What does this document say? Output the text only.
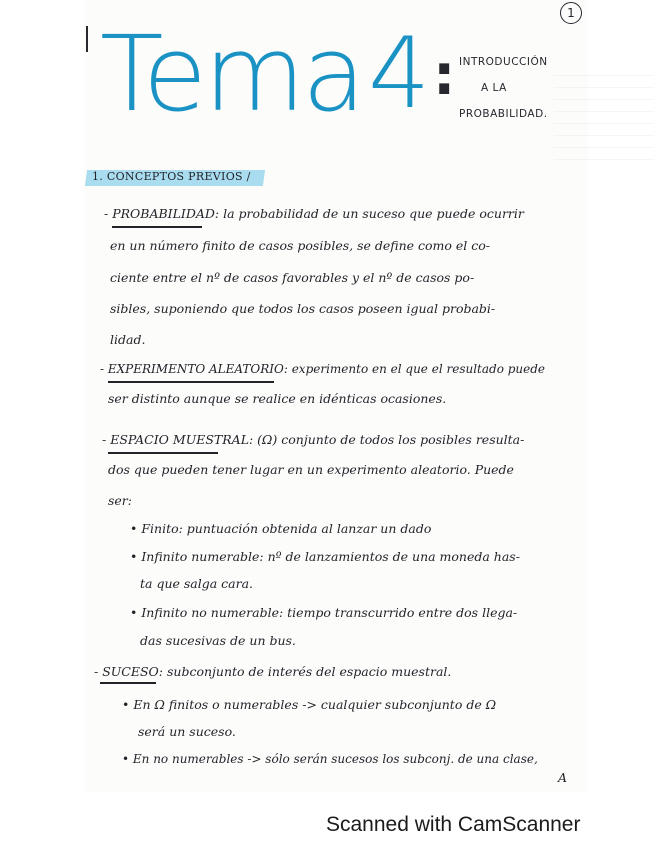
1
Tema 4 : INTRODUCCIÓN
A LA
PROBABILIDAD.
1. CONCEPTOS PREVIOS /
- PROBABILIDAD: la probabilidad de un suceso que puede ocurrir
en un número finito de casos posibles, se define como el co-
ciente entre el nº de casos favorables y el nº de casos po-
sibles, suponiendo que todos los casos poseen igual probabi-
lidad.
- EXPERIMENTO ALEATORIO: experimento en el que el resultado puede
ser distinto aunque se realice en idénticas ocasiones.
- ESPACIO MUESTRAL: (Ω) conjunto de todos los posibles resulta-
dos que pueden tener lugar en un experimento aleatorio. Puede
ser:
• Finito: puntuación obtenida al lanzar un dado
• Infinito numerable: nº de lanzamientos de una moneda has-
ta que salga cara.
• Infinito no numerable: tiempo transcurrido entre dos llega-
das sucesivas de un bus.
- SUCESO: subconjunto de interés del espacio muestral.
• En Ω finitos o numerables -> cualquier subconjunto de Ω
será un suceso.
• En no numerables -> sólo serán sucesos los subconj. de una clase,
A
Scanned with CamScanner
